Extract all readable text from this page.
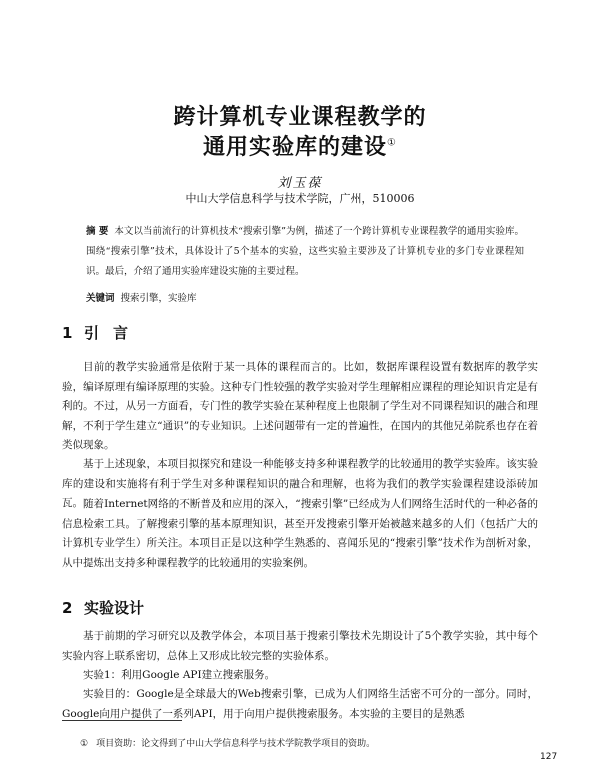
跨计算机专业课程教学的
通用实验库的建设①
刘玉葆
中山大学信息科学与技术学院，广州，510006
摘 要 本文以当前流行的计算机技术“搜索引擎”为例，描述了一个跨计算机专业课程教学的通用实验库。围绕“搜索引擎”技术，具体设计了5个基本的实验，这些实验主要涉及了计算机专业的多门专业课程知识。最后，介绍了通用实验库建设实施的主要过程。
关键词 搜索引擎，实验库
1 引言
目前的教学实验通常是依附于某一具体的课程而言的。比如，数据库课程设置有数据库的教学实验，编译原理有编译原理的实验。这种专门性较强的教学实验对学生理解相应课程的理论知识肯定是有利的。不过，从另一方面看，专门性的教学实验在某种程度上也限制了学生对不同课程知识的融合和理解，不利于学生建立“通识”的专业知识。上述问题带有一定的普遍性，在国内的其他兄弟院系也存在着类似现象。
基于上述现象，本项目拟探究和建设一种能够支持多种课程教学的比较通用的教学实验库。该实验库的建设和实施将有利于学生对多种课程知识的融合和理解，也将为我们的教学实验课程建设添砖加瓦。 随着Internet网络的不断普及和应用的深入，“搜索引擎”已经成为人们网络生活时代的一种必备的信息检索工具。了解搜索引擎的基本原理知识，甚至开发搜索引擎开始被越来越多的人们（包括广大的计算机专业学生）所关注。本项目正是以这种学生熟悉的、喜闻乐见的“搜索引擎”技术作为剖析对象，从中提炼出支持多种课程教学的比较通用的实验案例。
2 实验设计
基于前期的学习研究以及教学体会，本项目基于搜索引擎技术先期设计了5个教学实验，其中每个实验内容上联系密切，总体上又形成比较完整的实验体系。
实验1：利用Google API建立搜索服务。
实验目的：Google是全球最大的Web搜索引擎，已成为人们网络生活密不可分的一部分。同时，Google向用户提供了一系列API，用于向用户提供搜索服务。本实验的主要目的是熟悉
① 项目资助：论文得到了中山大学信息科学与技术学院教学项目的资助。
127
